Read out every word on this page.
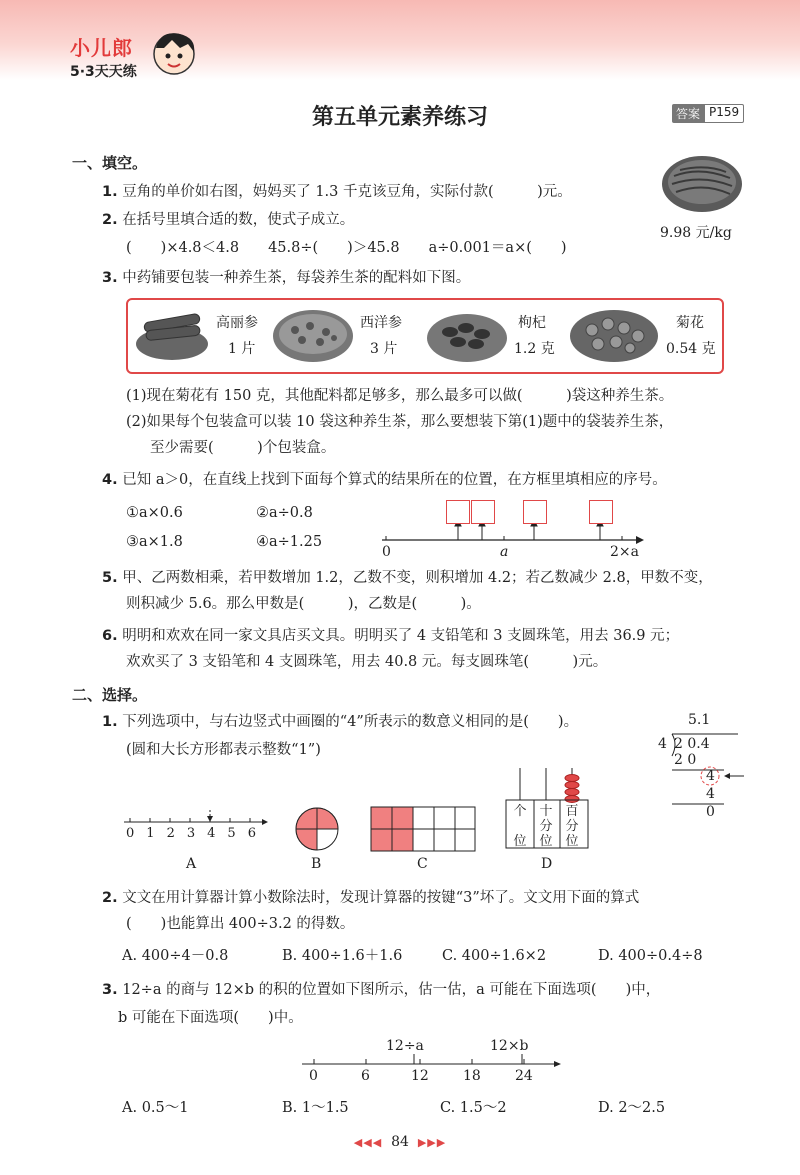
小儿郎
5·3天天练
第五单元素养练习	答案 P159
一、填空。
1. 豆角的单价如右图，妈妈买了 1.3 千克该豆角，实际付款(　　　)元。
9.98 元/kg
2. 在括号里填合适的数，使式子成立。
(　　)×4.8＜4.8　　45.8÷(　　)＞45.8　　a÷0.001＝a×(　　)
3. 中药铺要包装一种养生茶，每袋养生茶的配料如下图。
高丽参
1 片
西洋参
3 片
枸杞
1.2 克
菊花
0.54 克
(1)现在菊花有 150 克，其他配料都足够多，那么最多可以做(　　　)袋这种养生茶。
(2)如果每个包装盒可以装 10 袋这种养生茶，那么要想装下第(1)题中的袋装养生茶，
至少需要(　　　)个包装盒。
4. 已知 a＞0，在直线上找到下面每个算式的结果所在的位置，在方框里填相应的序号。
①a×0.6	②a÷0.8
③a×1.8	④a÷1.25
0	a	2×a
5. 甲、乙两数相乘，若甲数增加 1.2，乙数不变，则积增加 4.2；若乙数减少 2.8，甲数不变，
则积减少 5.6。那么甲数是(　　　)，乙数是(　　　)。
6. 明明和欢欢在同一家文具店买文具。明明买了 4 支铅笔和 3 支圆珠笔，用去 36.9 元；
欢欢买了 3 支铅笔和 4 支圆珠笔，用去 40.8 元。每支圆珠笔(　　　)元。
二、选择。
1. 下列选项中，与右边竖式中画圈的“4”所表示的数意义相同的是(　　)。
(圆和大长方形都表示整数“1”)
5.1
4 2 0.4
2 0
4
4
0
0 1 2 3 4 5 6
个

位
十
分
位
百
分
位
A	B	C	D
2. 文文在用计算器计算小数除法时，发现计算器的按键“3”坏了。文文用下面的算式
(　　)也能算出 400÷3.2 的得数。
A. 400÷4－0.8	B. 400÷1.6＋1.6	C. 400÷1.6×2	D. 400÷0.4÷8
3. 12÷a 的商与 12×b 的积的位置如下图所示，估一估，a 可能在下面选项(　　)中，
b 可能在下面选项(　　)中。
12÷a	12×b
0	6	12 18 24
A. 0.5～1	B. 1～1.5	C. 1.5～2	D. 2～2.5
◀◀◀ 84 ▶▶▶
